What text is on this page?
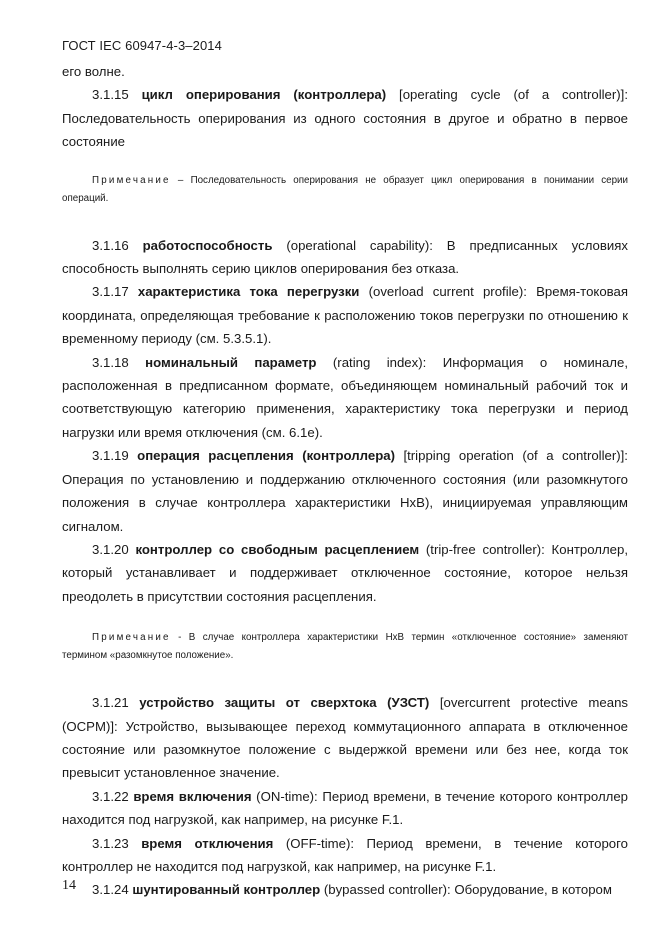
ГОСТ IEC 60947-4-3–2014

его волне.

3.1.15 цикл оперирования (контроллера) [operating cycle (of a controller)]: Последовательность оперирования из одного состояния в другое и обратно в первое состояние

Примечание – Последовательность оперирования не образует цикл оперирования в понимании серии операций.

3.1.16 работоспособность (operational capability): В предписанных условиях способность выполнять серию циклов оперирования без отказа.

3.1.17 характеристика тока перегрузки (overload current profile): Время-токовая координата, определяющая требование к расположению токов перегрузки по отношению к временному периоду (см. 5.3.5.1).

3.1.18 номинальный параметр (rating index): Информация о номинале, расположенная в предписанном формате, объединяющем номинальный рабочий ток и соответствующую категорию применения, характеристику тока перегрузки и период нагрузки или время отключения (см. 6.1е).

3.1.19 операция расцепления (контроллера) [tripping operation (of a controller)]: Операция по установлению и поддержанию отключенного состояния (или разомкнутого положения в случае контроллера характеристики HxB), инициируемая управляющим сигналом.

3.1.20 контроллер со свободным расцеплением (trip-free controller): Контроллер, который устанавливает и поддерживает отключенное состояние, которое нельзя преодолеть в присутствии состояния расцепления.

Примечание - В случае контроллера характеристики HxB термин «отключенное состояние» заменяют термином «разомкнутое положение».

3.1.21 устройство защиты от сверхтока (УЗСТ) [overcurrent protective means (OCPM)]: Устройство, вызывающее переход коммутационного аппарата в отключенное состояние или разомкнутое положение с выдержкой времени или без нее, когда ток превысит установленное значение.

3.1.22 время включения (ON-time): Период времени, в течение которого контроллер находится под нагрузкой, как например, на рисунке F.1.

3.1.23 время отключения (OFF-time): Период времени, в течение которого контроллер не находится под нагрузкой, как например, на рисунке F.1.

3.1.24 шунтированный контроллер (bypassed controller): Оборудование, в котором

14
